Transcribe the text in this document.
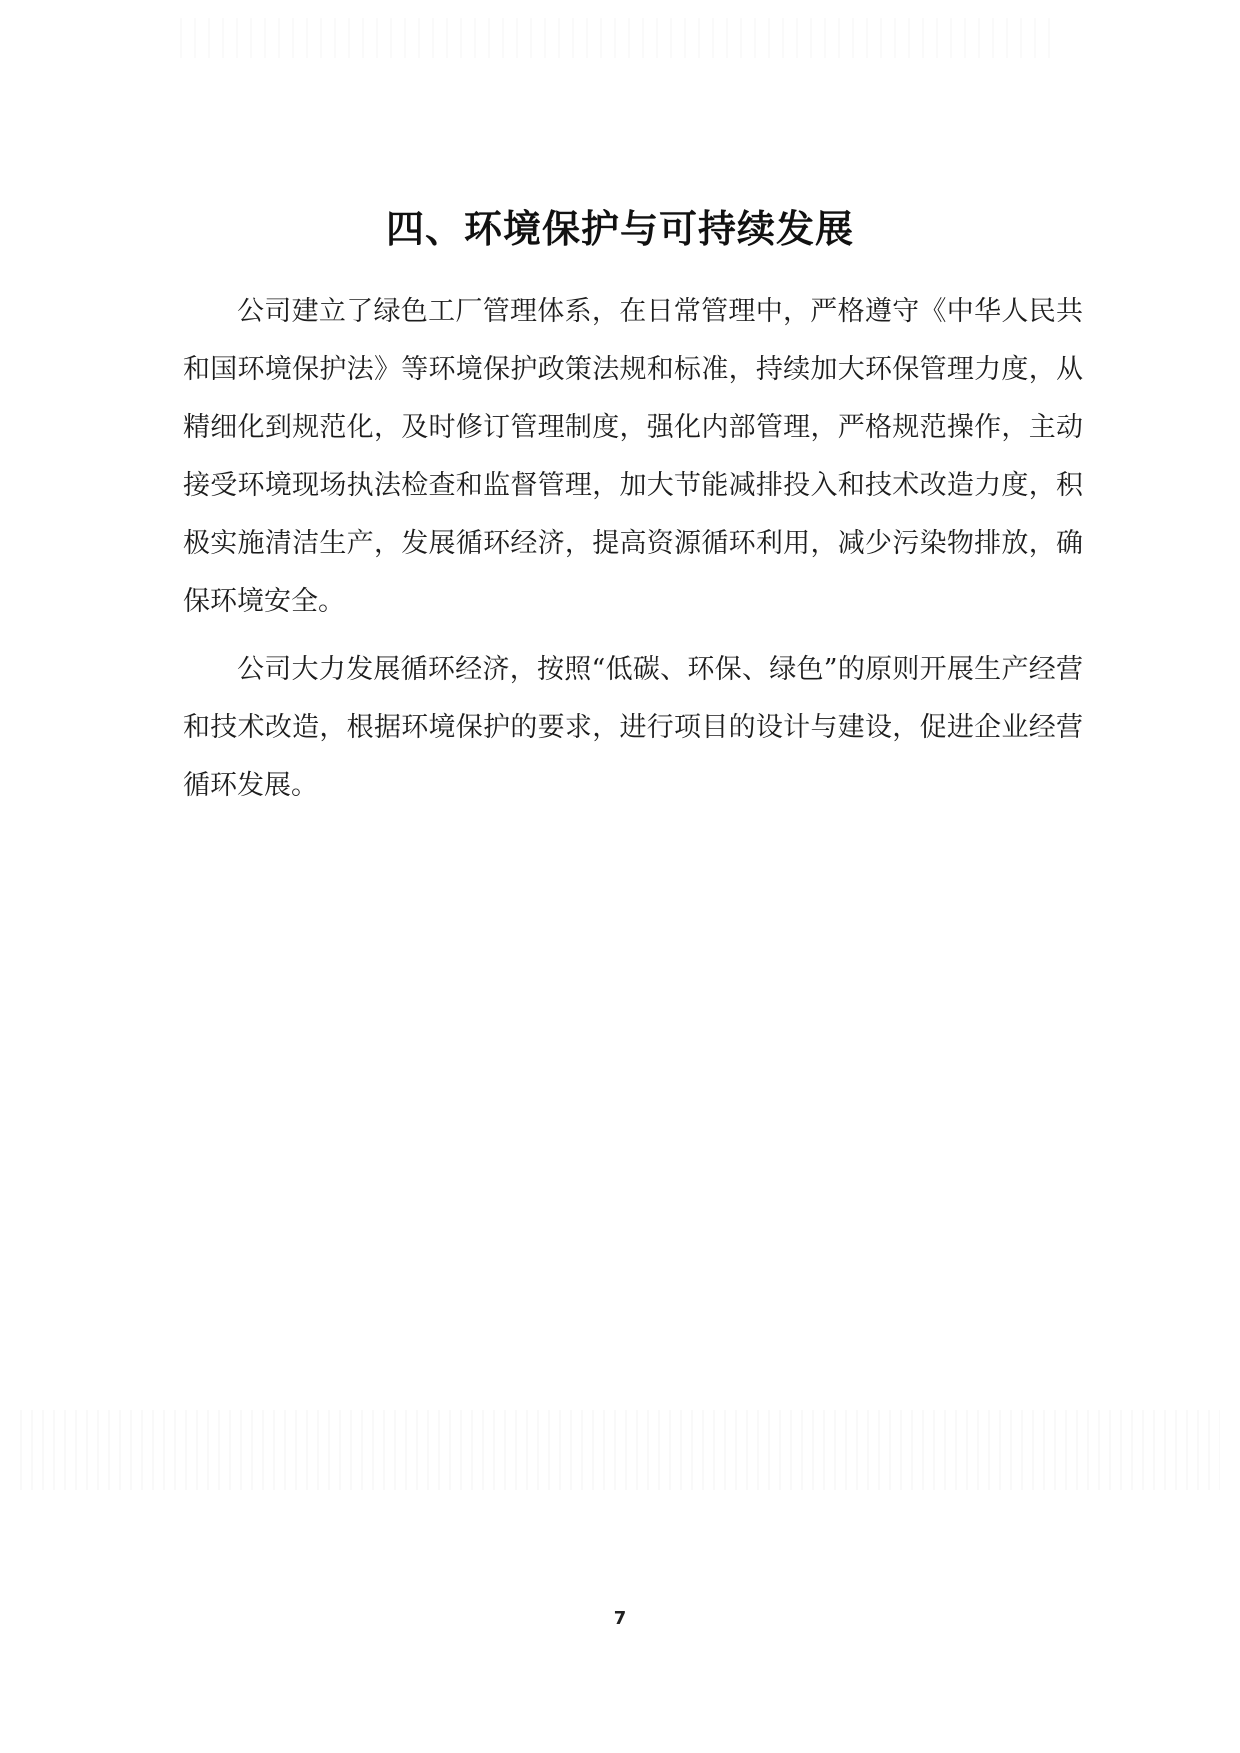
四、环境保护与可持续发展

公司建立了绿色工厂管理体系，在日常管理中，严格遵守《中华人民共和国环境保护法》等环境保护政策法规和标准，持续加大环保管理力度，从精细化到规范化，及时修订管理制度，强化内部管理，严格规范操作，主动接受环境现场执法检查和监督管理，加大节能减排投入和技术改造力度，积极实施清洁生产，发展循环经济，提高资源循环利用，减少污染物排放，确保环境安全。

公司大力发展循环经济，按照“低碳、环保、绿色”的原则开展生产经营和技术改造，根据环境保护的要求，进行项目的设计与建设，促进企业经营循环发展。

7
